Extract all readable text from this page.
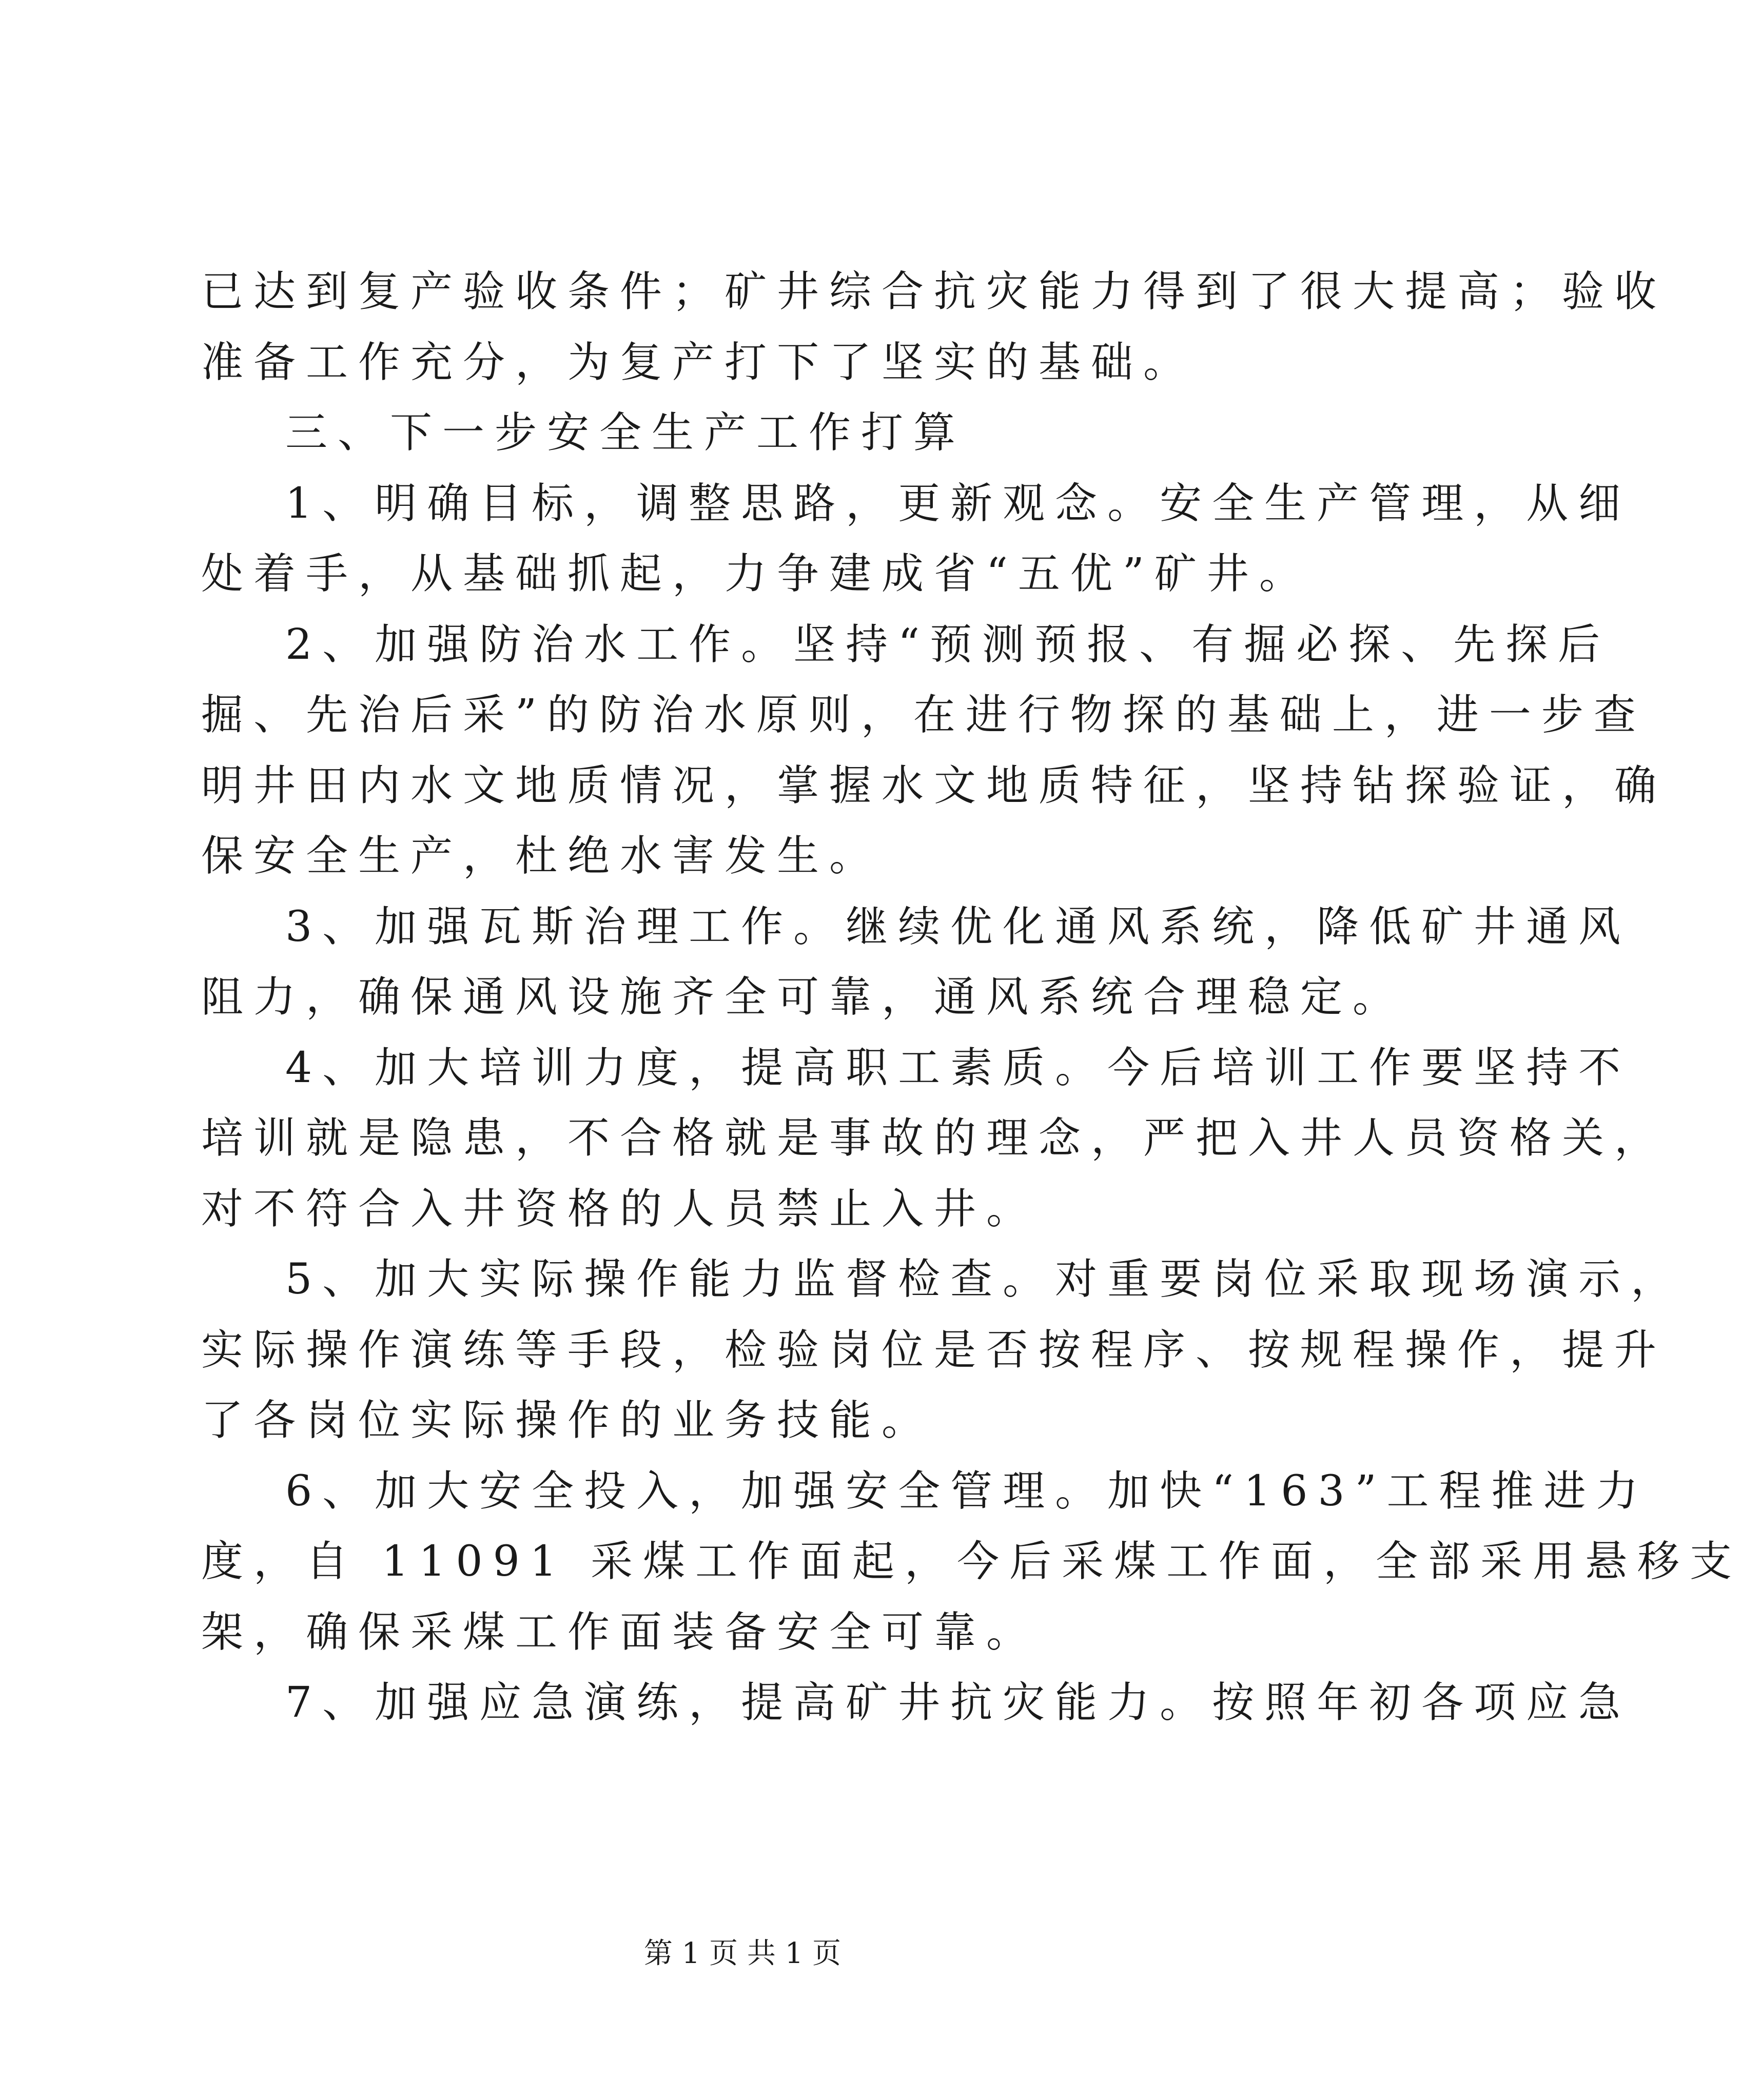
已达到复产验收条件；矿井综合抗灾能力得到了很大提高；验收
准备工作充分，为复产打下了坚实的基础。
三、下一步安全生产工作打算
1、明确目标，调整思路，更新观念。安全生产管理，从细
处着手，从基础抓起，力争建成省“五优”矿井。
2、加强防治水工作。坚持“预测预报、有掘必探、先探后
掘、先治后采”的防治水原则，在进行物探的基础上，进一步查
明井田内水文地质情况，掌握水文地质特征，坚持钻探验证，确
保安全生产，杜绝水害发生。
3、加强瓦斯治理工作。继续优化通风系统，降低矿井通风
阻力，确保通风设施齐全可靠，通风系统合理稳定。
4、加大培训力度，提高职工素质。今后培训工作要坚持不
培训就是隐患，不合格就是事故的理念，严把入井人员资格关，
对不符合入井资格的人员禁止入井。
5、加大实际操作能力监督检查。对重要岗位采取现场演示，
实际操作演练等手段，检验岗位是否按程序、按规程操作，提升
了各岗位实际操作的业务技能。
6、加大安全投入，加强安全管理。加快“163”工程推进力
度，自 11091 采煤工作面起，今后采煤工作面，全部采用悬移支
架，确保采煤工作面装备安全可靠。
7、加强应急演练，提高矿井抗灾能力。按照年初各项应急
第 1 页 共 1 页
